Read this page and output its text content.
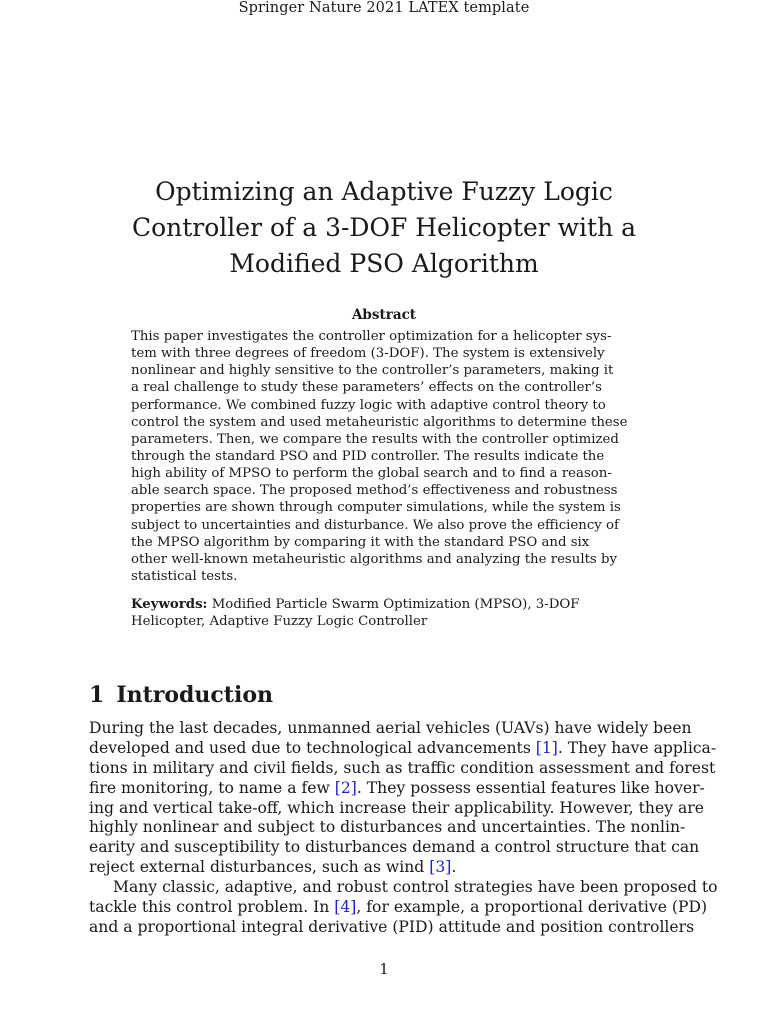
Springer Nature 2021 LATEX template
Optimizing an Adaptive Fuzzy Logic
Controller of a 3-DOF Helicopter with a
Modified PSO Algorithm
Abstract
This paper investigates the controller optimization for a helicopter sys-
tem with three degrees of freedom (3-DOF). The system is extensively
nonlinear and highly sensitive to the controller’s parameters, making it
a real challenge to study these parameters’ effects on the controller’s
performance. We combined fuzzy logic with adaptive control theory to
control the system and used metaheuristic algorithms to determine these
parameters. Then, we compare the results with the controller optimized
through the standard PSO and PID controller. The results indicate the
high ability of MPSO to perform the global search and to find a reason-
able search space. The proposed method’s effectiveness and robustness
properties are shown through computer simulations, while the system is
subject to uncertainties and disturbance. We also prove the efficiency of
the MPSO algorithm by comparing it with the standard PSO and six
other well-known metaheuristic algorithms and analyzing the results by
statistical tests.
Keywords: Modified Particle Swarm Optimization (MPSO), 3-DOF
Helicopter, Adaptive Fuzzy Logic Controller
1 Introduction
During the last decades, unmanned aerial vehicles (UAVs) have widely been
developed and used due to technological advancements [1]. They have applica-
tions in military and civil fields, such as traffic condition assessment and forest
fire monitoring, to name a few [2]. They possess essential features like hover-
ing and vertical take-off, which increase their applicability. However, they are
highly nonlinear and subject to disturbances and uncertainties. The nonlin-
earity and susceptibility to disturbances demand a control structure that can
reject external disturbances, such as wind [3].
Many classic, adaptive, and robust control strategies have been proposed to
tackle this control problem. In [4], for example, a proportional derivative (PD)
and a proportional integral derivative (PID) attitude and position controllers
1
